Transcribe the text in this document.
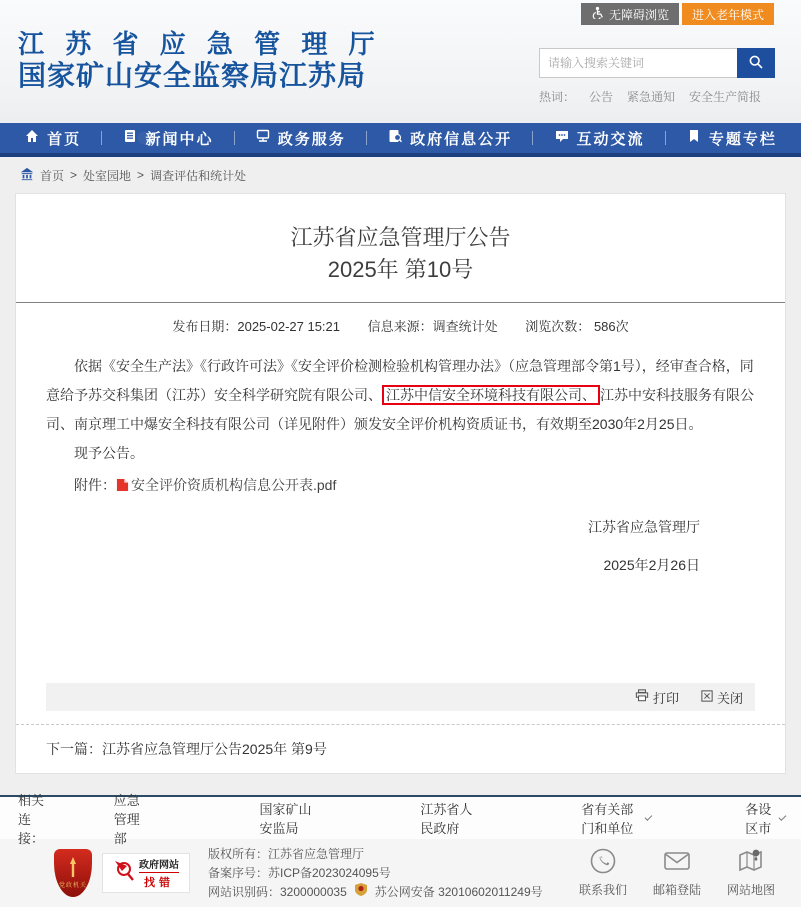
无障碍浏览 进入老年模式
江 苏 省 应 急 管 理 厅
国家矿山安全监察局江苏局
请输入搜索关键词
热词： 公告 紧急通知 安全生产简报
首页	新闻中心	政务服务	政府信息公开	互动交流	专题专栏
首页 > 处室园地 > 调查评估和统计处
江苏省应急管理厅公告
2025年 第10号
发布日期：2025-02-27 15:21 信息来源：调查统计处 浏览次数： 586次

依据《安全生产法》《行政许可法》《安全评价检测检验机构管理办法》（应急管理部令第1号），经审查合格，同意给予苏交科集团（江苏）安全科学研究院有限公司、 江苏中信安全环境科技有限公司、 江苏中安科技服务有限公司、南京理工中爆安全科技有限公司（详见附件）颁发安全评价机构资质证书，有效期至2030年2月25日。

现予公告。

附件： 安全评价资质机构信息公开表.pdf
江苏省应急管理厅
2025年2月26日
打印	关闭
下一篇：江苏省应急管理厅公告2025年 第9号
相关连接：
应急管理部
国家矿山安监局
江苏省人民政府
省有关部门和单位
各设区市
党政机关
政府网站
找错
版权所有：江苏省应急管理厅
备案序号：苏ICP备2023024095号
网站识别码：3200000035 苏公网安备 32010602011249号	联系我们 邮箱登陆 网站地图
